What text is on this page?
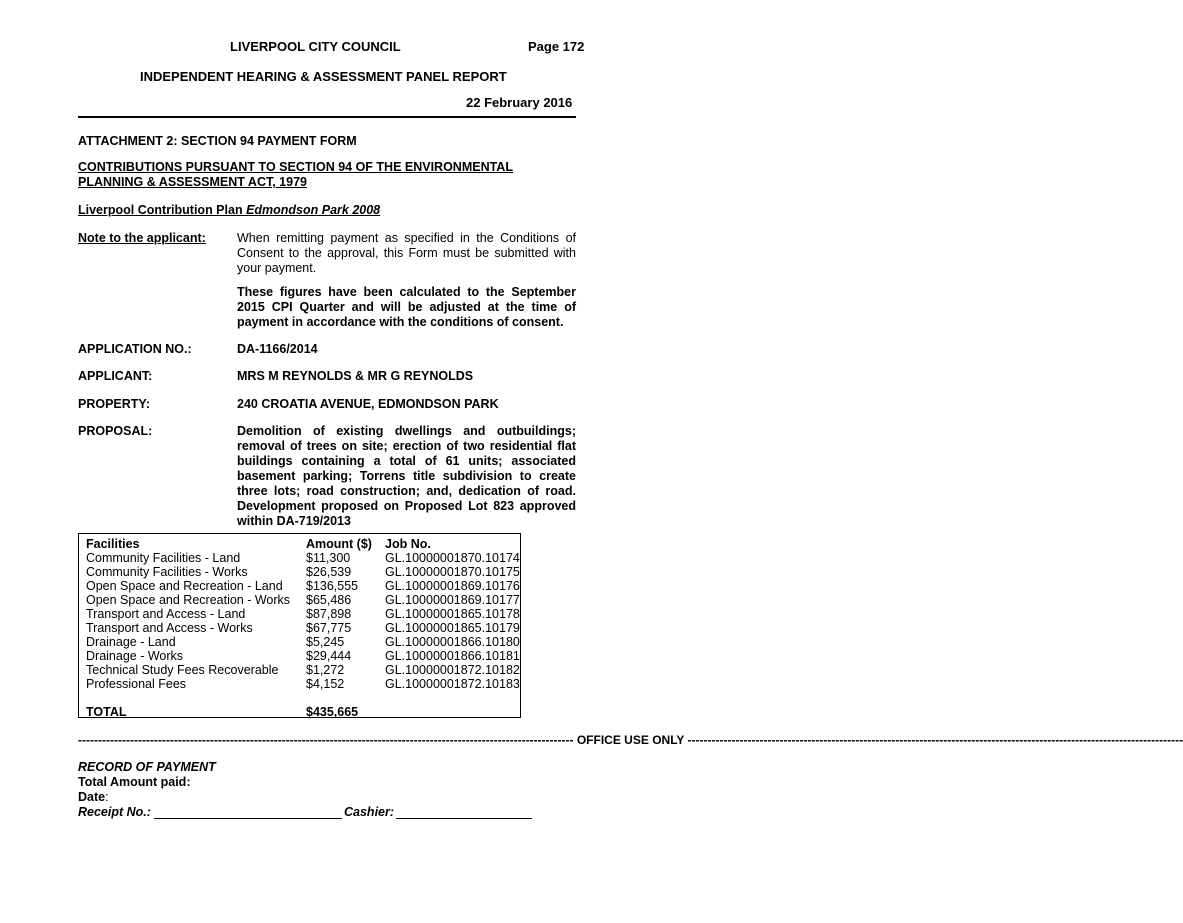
LIVERPOOL CITY COUNCIL	Page 172
INDEPENDENT HEARING & ASSESSMENT PANEL REPORT
22 February 2016
ATTACHMENT 2: SECTION 94 PAYMENT FORM
CONTRIBUTIONS PURSUANT TO SECTION 94 OF THE ENVIRONMENTAL
PLANNING & ASSESSMENT ACT, 1979
Liverpool Contribution Plan Edmondson Park 2008
Note to the applicant: When remitting payment as specified in the Conditions of Consent to the approval, this Form must be submitted with your payment.
These figures have been calculated to the September 2015 CPI Quarter and will be adjusted at the time of payment in accordance with the conditions of consent.
APPLICATION NO.:	DA-1166/2014
APPLICANT:	MRS M REYNOLDS & MR G REYNOLDS
PROPERTY:	240 CROATIA AVENUE, EDMONDSON PARK
PROPOSAL:	Demolition of existing dwellings and outbuildings; removal of trees on site; erection of two residential flat buildings containing a total of 61 units; associated basement parking; Torrens title subdivision to create three lots; road construction; and, dedication of road. Development proposed on Proposed Lot 823 approved within DA-719/2013
Facilities	Amount ($) Job No.
Community Facilities - Land	$11,300	GL.10000001870.10174
Community Facilities - Works	$26,539	GL.10000001870.10175
Open Space and Recreation - Land $136,555 GL.10000001869.10176
Open Space and Recreation - Works $65,486	GL.10000001869.10177
Transport and Access - Land	$87,898	GL.10000001865.10178
Transport and Access - Works	$67,775	GL.10000001865.10179
Drainage - Land	$5,245	GL.10000001866.10180
Drainage - Works	$29,444	GL.10000001866.10181
Technical Study Fees Recoverable $1,272	GL.10000001872.10182
Professional Fees	$4,152	GL.10000001872.10183
TOTAL	$435,665
---------------------------------------------------------------------------------------------------------------------------- OFFICE USE ONLY ----------------------------------------------------------------------------------------------------------------------------
RECORD OF PAYMENT
Total Amount paid:
Date:
Receipt No.:	Cashier:
